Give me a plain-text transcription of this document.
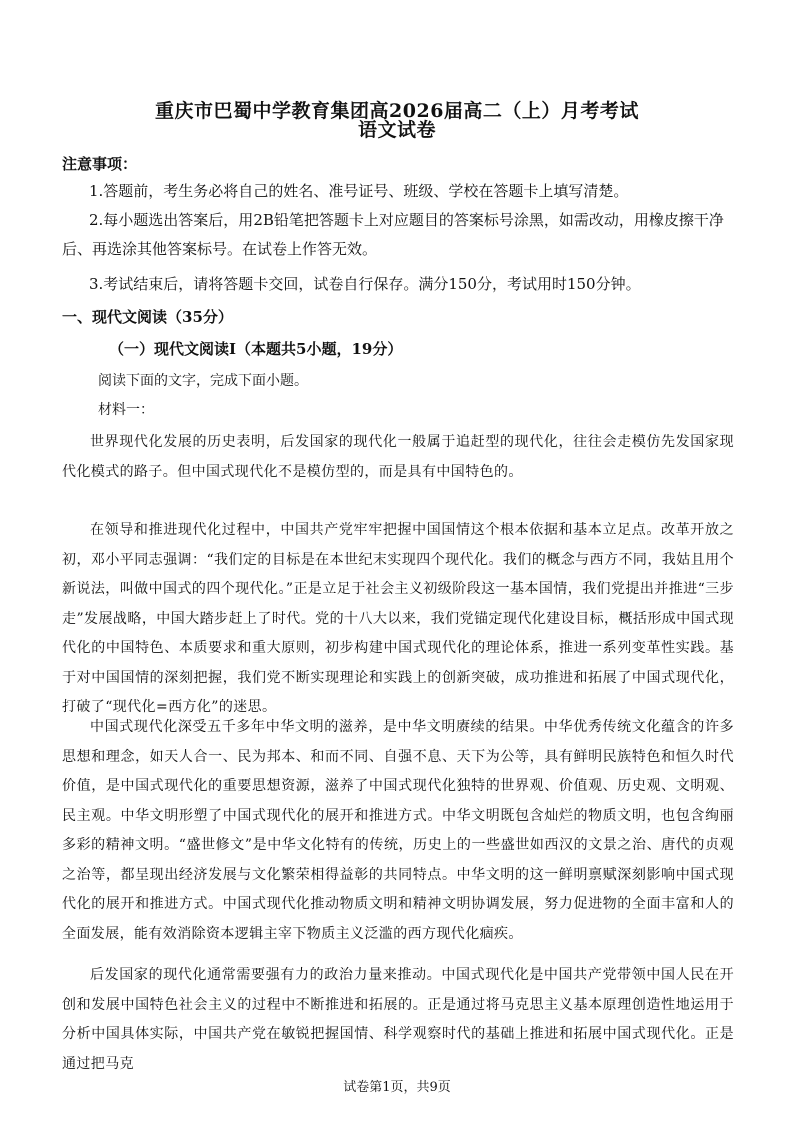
重庆市巴蜀中学教育集团高2026届高二（上）月考考试
语文试卷
注意事项：
1.答题前，考生务必将自己的姓名、准号证号、班级、学校在答题卡上填写清楚。
2.每小题选出答案后，用2B铅笔把答题卡上对应题目的答案标号涂黑，如需改动，用橡皮擦干净后、再选涂其他答案标号。在试卷上作答无效。
3.考试结束后，请将答题卡交回，试卷自行保存。满分150分，考试用时150分钟。
一、现代文阅读（35分）
（一）现代文阅读I（本题共5小题，19分）
阅读下面的文字，完成下面小题。
材料一：
世界现代化发展的历史表明，后发国家的现代化一般属于追赶型的现代化，往往会走模仿先发国家现代化模式的路子。但中国式现代化不是模仿型的，而是具有中国特色的。
在领导和推进现代化过程中，中国共产党牢牢把握中国国情这个根本依据和基本立足点。改革开放之初，邓小平同志强调：“我们定的目标是在本世纪末实现四个现代化。我们的概念与西方不同，我姑且用个新说法，叫做中国式的四个现代化。”正是立足于社会主义初级阶段这一基本国情，我们党提出并推进“三步走”发展战略，中国大踏步赶上了时代。党的十八大以来，我们党锚定现代化建设目标，概括形成中国式现代化的中国特色、本质要求和重大原则，初步构建中国式现代化的理论体系，推进一系列变革性实践。基于对中国国情的深刻把握，我们党不断实现理论和实践上的创新突破，成功推进和拓展了中国式现代化，打破了“现代化=西方化”的迷思。
中国式现代化深受五千多年中华文明的滋养，是中华文明赓续的结果。中华优秀传统文化蕴含的许多思想和理念，如天人合一、民为邦本、和而不同、自强不息、天下为公等，具有鲜明民族特色和恒久时代价值，是中国式现代化的重要思想资源，滋养了中国式现代化独特的世界观、价值观、历史观、文明观、民主观。中华文明形塑了中国式现代化的展开和推进方式。中华文明既包含灿烂的物质文明，也包含绚丽多彩的精神文明。“盛世修文”是中华文化特有的传统，历史上的一些盛世如西汉的文景之治、唐代的贞观之治等，都呈现出经济发展与文化繁荣相得益彰的共同特点。中华文明的这一鲜明禀赋深刻影响中国式现代化的展开和推进方式。中国式现代化推动物质文明和精神文明协调发展，努力促进物的全面丰富和人的全面发展，能有效消除资本逻辑主宰下物质主义泛滥的西方现代化痼疾。
后发国家的现代化通常需要强有力的政治力量来推动。中国式现代化是中国共产党带领中国人民在开创和发展中国特色社会主义的过程中不断推进和拓展的。正是通过将马克思主义基本原理创造性地运用于分析中国具体实际，中国共产党在敏锐把握国情、科学观察时代的基础上推进和拓展中国式现代化。正是通过把马克
试卷第1页，共9页
